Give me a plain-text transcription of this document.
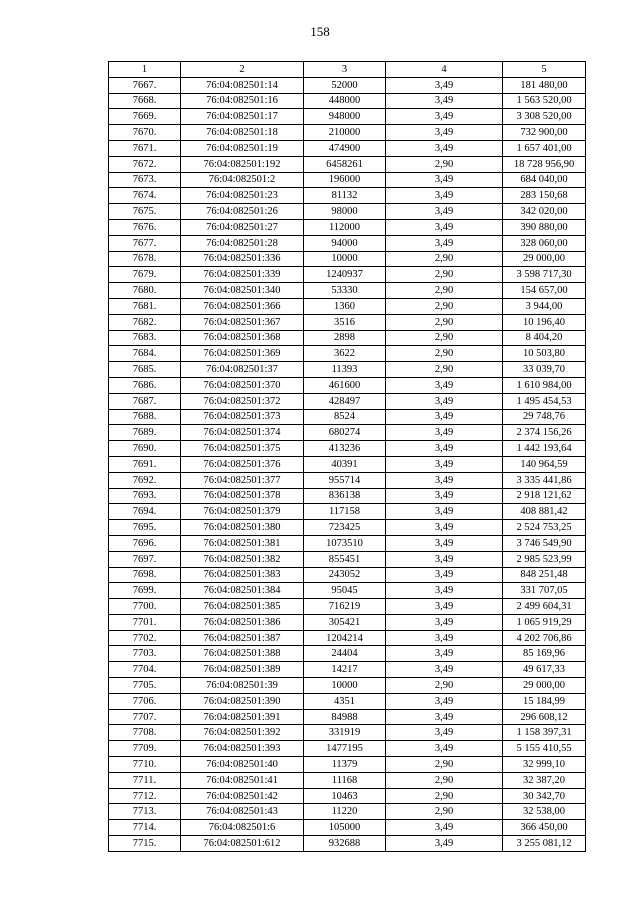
158
1	2	3	4	5
7667.	76:04:082501:14	52000	3,49	181 480,00
7668.	76:04:082501:16	448000	3,49	1 563 520,00
7669.	76:04:082501:17	948000	3,49	3 308 520,00
7670.	76:04:082501:18	210000	3,49	732 900,00
7671.	76:04:082501:19	474900	3,49	1 657 401,00
7672.	76:04:082501:192	6458261	2,90	18 728 956,90
7673.	76:04:082501:2	196000	3,49	684 040,00
7674.	76:04:082501:23	81132	3,49	283 150,68
7675.	76:04:082501:26	98000	3,49	342 020,00
7676.	76:04:082501:27	112000	3,49	390 880,00
7677.	76:04:082501:28	94000	3,49	328 060,00
7678.	76:04:082501:336	10000	2,90	29 000,00
7679.	76:04:082501:339	1240937	2,90	3 598 717,30
7680.	76:04:082501:340	53330	2,90	154 657,00
7681.	76:04:082501:366	1360	2,90	3 944,00
7682.	76:04:082501:367	3516	2,90	10 196,40
7683.	76:04:082501:368	2898	2,90	8 404,20
7684.	76:04:082501:369	3622	2,90	10 503,80
7685.	76:04:082501:37	11393	2,90	33 039,70
7686.	76:04:082501:370	461600	3,49	1 610 984,00
7687.	76:04:082501:372	428497	3,49	1 495 454,53
7688.	76:04:082501:373	8524	3,49	29 748,76
7689.	76:04:082501:374	680274	3,49	2 374 156,26
7690.	76:04:082501:375	413236	3,49	1 442 193,64
7691.	76:04:082501:376	40391	3,49	140 964,59
7692.	76:04:082501:377	955714	3,49	3 335 441,86
7693.	76:04:082501:378	836138	3,49	2 918 121,62
7694.	76:04:082501:379	117158	3,49	408 881,42
7695.	76:04:082501:380	723425	3,49	2 524 753,25
7696.	76:04:082501:381	1073510	3,49	3 746 549,90
7697.	76:04:082501:382	855451	3,49	2 985 523,99
7698.	76:04:082501:383	243052	3,49	848 251,48
7699.	76:04:082501:384	95045	3,49	331 707,05
7700.	76:04:082501:385	716219	3,49	2 499 604,31
7701.	76:04:082501:386	305421	3,49	1 065 919,29
7702.	76:04:082501:387	1204214	3,49	4 202 706,86
7703.	76:04:082501:388	24404	3,49	85 169,96
7704.	76:04:082501:389	14217	3,49	49 617,33
7705.	76:04:082501:39	10000	2,90	29 000,00
7706.	76:04:082501:390	4351	3,49	15 184,99
7707.	76:04:082501:391	84988	3,49	296 608,12
7708.	76:04:082501:392	331919	3,49	1 158 397,31
7709.	76:04:082501:393	1477195	3,49	5 155 410,55
7710.	76:04:082501:40	11379	2,90	32 999,10
7711.	76:04:082501:41	11168	2,90	32 387,20
7712.	76:04:082501:42	10463	2,90	30 342,70
7713.	76:04:082501:43	11220	2,90	32 538,00
7714.	76:04:082501:6	105000	3,49	366 450,00
7715.	76:04:082501:612	932688	3,49	3 255 081,12
